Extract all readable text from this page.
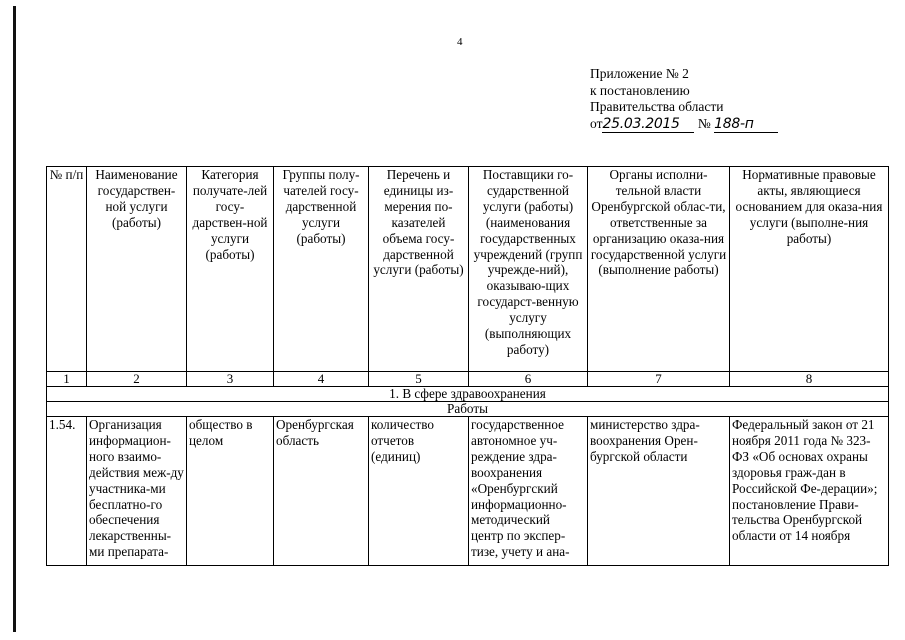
4
Приложение № 2
к постановлению
Правительства области
от25.03.2015 № 188-п
№ п/п	Наименование государствен-ной услуги (работы)	Категория получате-лей госу-дарствен-ной услуги (работы)	Группы полу-чателей госу-дарственной услуги (работы)	Перечень и единицы из-мерения по-казателей объема госу-дарственной услуги (работы)	Поставщики го-сударственной услуги (работы) (наименования государственных учреждений (групп учрежде-ний), оказываю-щих государст-венную услугу (выполняющих работу)	Органы исполни-тельной власти Оренбургской облас-ти, ответственные за организацию оказа-ния государственной услуги (выполнение работы)	Нормативные правовые акты, являющиеся основанием для оказа-ния услуги (выполне-ния работы)
1	2	3	4	5	6	7	8
1. В сфере здравоохранения							
Работы							
1.54.	Организация информацион-ного взаимо-действия меж-ду участника-ми бесплатно-го обеспечения лекарственны-ми препарата-	общество в целом	Оренбургская область	количество отчетов (единиц)	государственное автономное уч-реждение здра-воохранения «Оренбургский информационно-методический центр по экспер-тизе, учету и ана-	министерство здра-воохранения Орен-бургской области	Федеральный закон от 21 ноября 2011 года № 323-ФЗ «Об основах охраны здоровья граж-дан в Российской Фе-дерации»; постановление Прави-тельства Оренбургской области от 14 ноября
